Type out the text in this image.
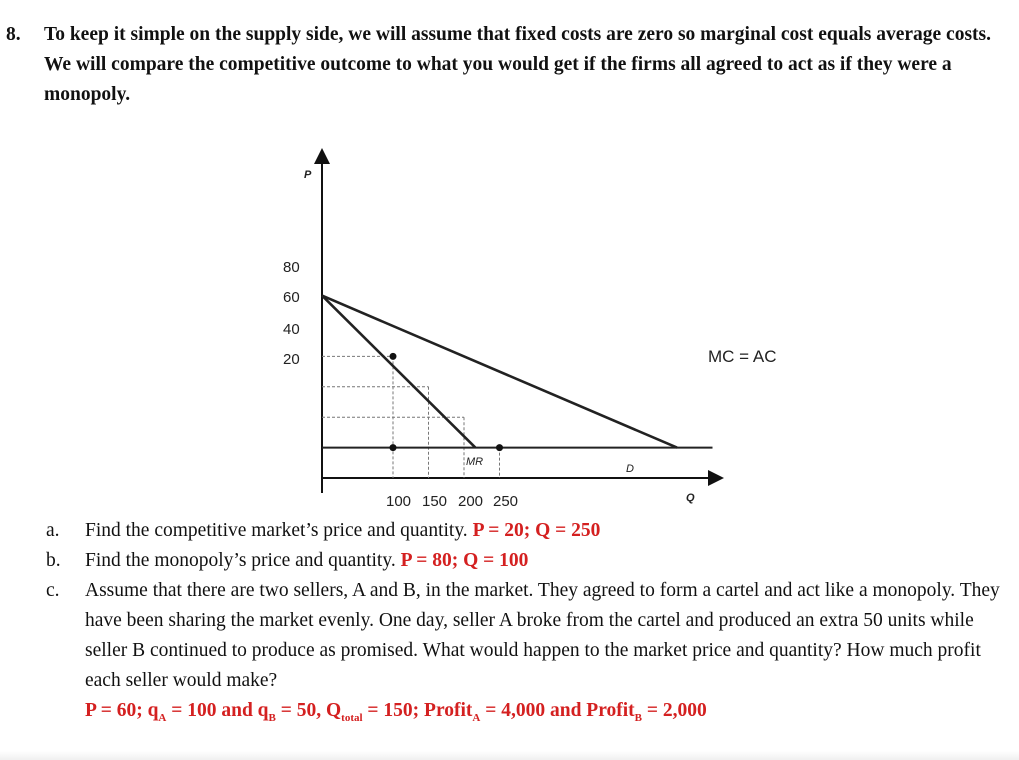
8. To keep it simple on the supply side, we will assume that fixed costs are zero so marginal cost equals average costs. We will compare the competitive outcome to what you would get if the firms all agreed to act as if they were a monopoly.
P
Q
80
60
40
20
100 150 200 250
MR
D
MC = AC
a. Find the competitive market’s price and quantity. P = 20; Q = 250
b. Find the monopoly’s price and quantity. P = 80; Q = 100
c. Assume that there are two sellers, A and B, in the market. They agreed to form a cartel and act like a monopoly. They have been sharing the market evenly. One day, seller A broke from the cartel and produced an extra 50 units while seller B continued to produce as promised. What would happen to the market price and quantity? How much profit each seller would make?
P = 60; $q_A = 100$ and $q_B = 50$, $Q_{total} = 150$; Profit$_A$ = 4,000 and Profit$_B$ = 2,000
